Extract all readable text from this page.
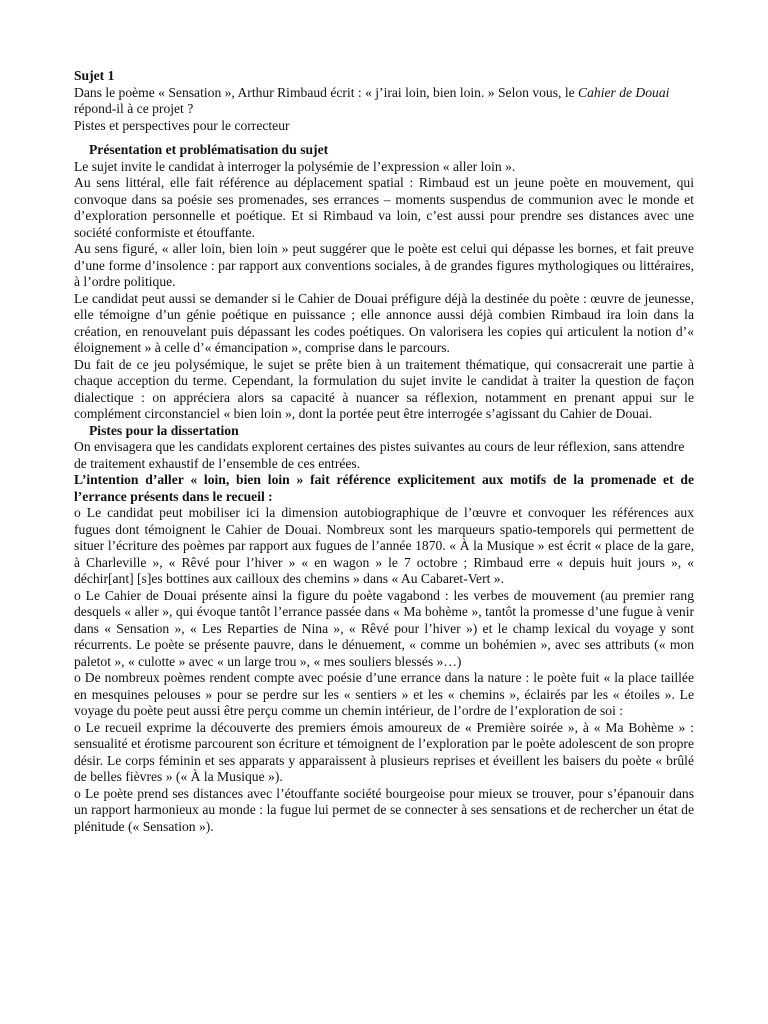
Sujet 1

Dans le poème « Sensation », Arthur Rimbaud écrit : « j’irai loin, bien loin. » Selon vous, le Cahier de Douai répond-il à ce projet ?

Pistes et perspectives pour le correcteur

Présentation et problématisation du sujet

Le sujet invite le candidat à interroger la polysémie de l’expression « aller loin ».

Au sens littéral, elle fait référence au déplacement spatial : Rimbaud est un jeune poète en mouvement, qui convoque dans sa poésie ses promenades, ses errances – moments suspendus de communion avec le monde et d’exploration personnelle et poétique. Et si Rimbaud va loin, c’est aussi pour prendre ses distances avec une société conformiste et étouffante.

Au sens figuré, « aller loin, bien loin » peut suggérer que le poète est celui qui dépasse les bornes, et fait preuve d’une forme d’insolence : par rapport aux conventions sociales, à de grandes figures mythologiques ou littéraires, à l’ordre politique.

Le candidat peut aussi se demander si le Cahier de Douai préfigure déjà la destinée du poète : œuvre de jeunesse, elle témoigne d’un génie poétique en puissance ; elle annonce aussi déjà combien Rimbaud ira loin dans la création, en renouvelant puis dépassant les codes poétiques. On valorisera les copies qui articulent la notion d’« éloignement » à celle d’« émancipation », comprise dans le parcours.

Du fait de ce jeu polysémique, le sujet se prête bien à un traitement thématique, qui consacrerait une partie à chaque acception du terme. Cependant, la formulation du sujet invite le candidat à traiter la question de façon dialectique : on appréciera alors sa capacité à nuancer sa réflexion, notamment en prenant appui sur le complément circonstanciel « bien loin », dont la portée peut être interrogée s’agissant du Cahier de Douai.

Pistes pour la dissertation

On envisagera que les candidats explorent certaines des pistes suivantes au cours de leur réflexion, sans attendre de traitement exhaustif de l’ensemble de ces entrées.

L’intention d’aller « loin, bien loin » fait référence explicitement aux motifs de la promenade et de l’errance présents dans le recueil :

o Le candidat peut mobiliser ici la dimension autobiographique de l’œuvre et convoquer les références aux fugues dont témoignent le Cahier de Douai. Nombreux sont les marqueurs spatio-temporels qui permettent de situer l’écriture des poèmes par rapport aux fugues de l’année 1870. « À la Musique » est écrit « place de la gare, à Charleville », « Rêvé pour l’hiver » « en wagon » le 7 octobre ; Rimbaud erre « depuis huit jours », « déchir[ant] [s]es bottines aux cailloux des chemins » dans « Au Cabaret-Vert ».

o Le Cahier de Douai présente ainsi la figure du poète vagabond : les verbes de mouvement (au premier rang desquels « aller », qui évoque tantôt l’errance passée dans « Ma bohème », tantôt la promesse d’une fugue à venir dans « Sensation », « Les Reparties de Nina », « Rêvé pour l’hiver ») et le champ lexical du voyage y sont récurrents. Le poète se présente pauvre, dans le dénuement, « comme un bohémien », avec ses attributs (« mon paletot », « culotte » avec « un large trou », « mes souliers blessés »…)

o De nombreux poèmes rendent compte avec poésie d’une errance dans la nature : le poète fuit « la place taillée en mesquines pelouses » pour se perdre sur les « sentiers » et les « chemins », éclairés par les « étoiles ». Le voyage du poète peut aussi être perçu comme un chemin intérieur, de l’ordre de l’exploration de soi :

o Le recueil exprime la découverte des premiers émois amoureux de « Première soirée », à « Ma Bohème » : sensualité et érotisme parcourent son écriture et témoignent de l’exploration par le poète adolescent de son propre désir. Le corps féminin et ses apparats y apparaissent à plusieurs reprises et éveillent les baisers du poète « brûlé de belles fièvres » (« À la Musique »).

o Le poète prend ses distances avec l’étouffante société bourgeoise pour mieux se trouver, pour s’épanouir dans un rapport harmonieux au monde : la fugue lui permet de se connecter à ses sensations et de rechercher un état de plénitude (« Sensation »).
